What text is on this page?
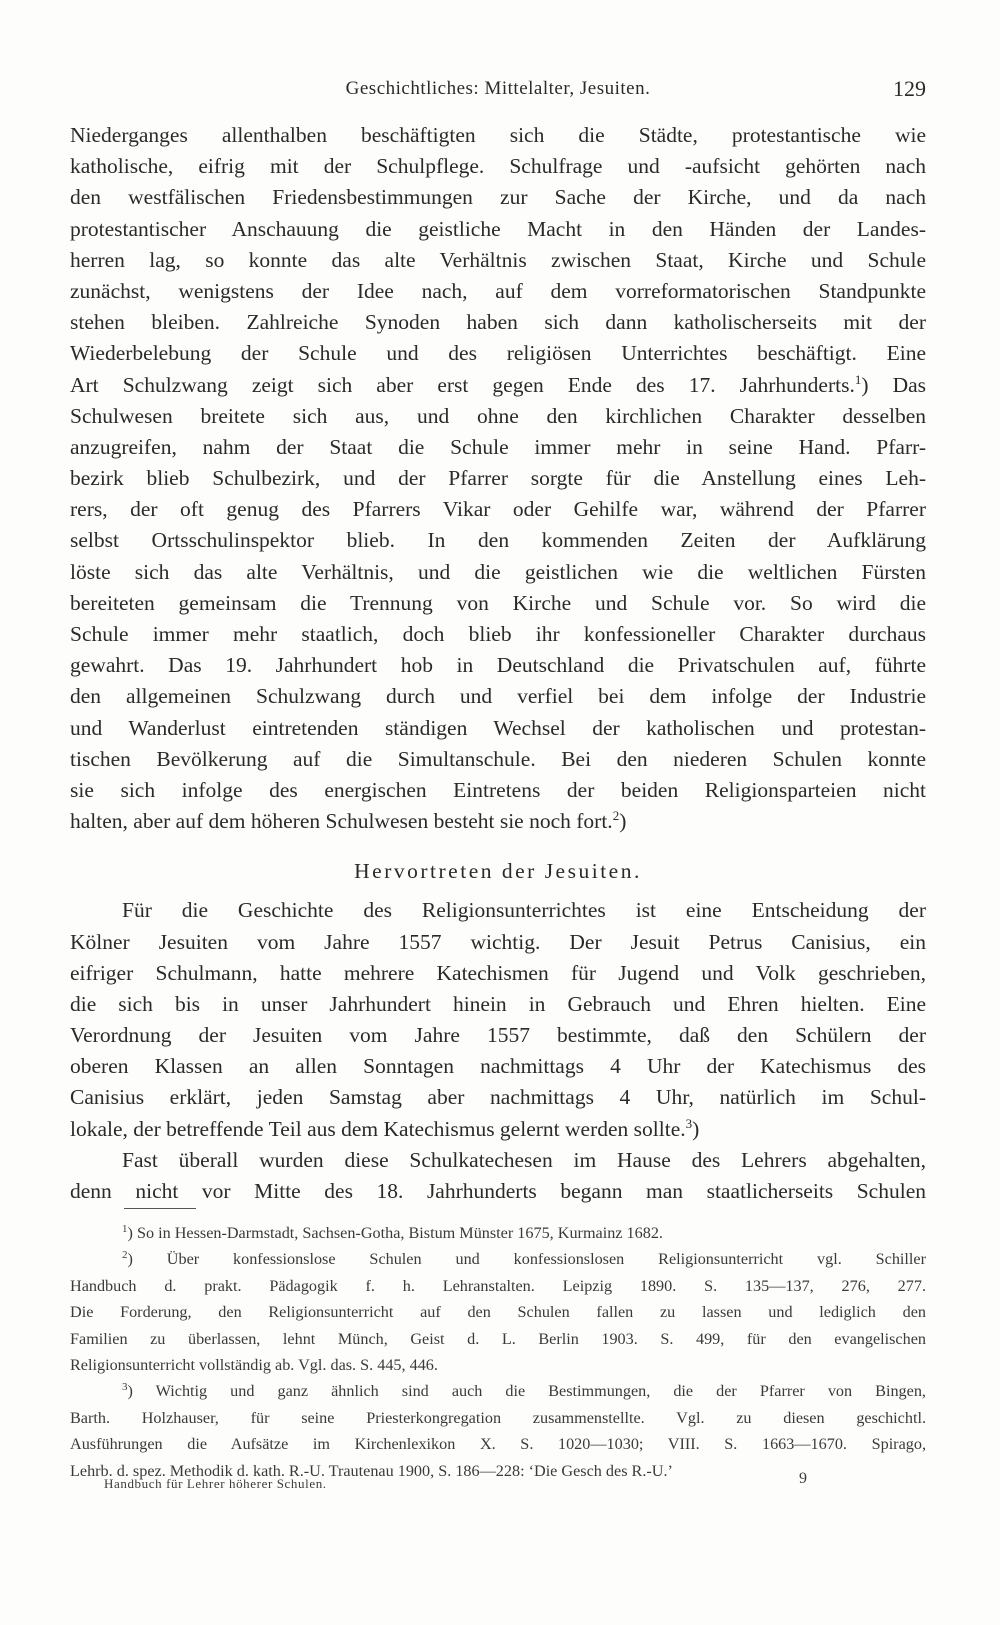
Geschichtliches: Mittelalter, Jesuiten.	129
Niederganges allenthalben beschäftigten sich die Städte, protestantische wie
katholische, eifrig mit der Schulpflege. Schulfrage und -aufsicht gehörten nach
den westfälischen Friedensbestimmungen zur Sache der Kirche, und da nach
protestantischer Anschauung die geistliche Macht in den Händen der Landes-
herren lag, so konnte das alte Verhältnis zwischen Staat, Kirche und Schule
zunächst, wenigstens der Idee nach, auf dem vorreformatorischen Standpunkte
stehen bleiben. Zahlreiche Synoden haben sich dann katholischerseits mit der
Wiederbelebung der Schule und des religiösen Unterrichtes beschäftigt. Eine
Art Schulzwang zeigt sich aber erst gegen Ende des 17. Jahrhunderts.$^1$) Das
Schulwesen breitete sich aus, und ohne den kirchlichen Charakter desselben
anzugreifen, nahm der Staat die Schule immer mehr in seine Hand. Pfarr-
bezirk blieb Schulbezirk, und der Pfarrer sorgte für die Anstellung eines Leh-
rers, der oft genug des Pfarrers Vikar oder Gehilfe war, während der Pfarrer
selbst Ortsschulinspektor blieb. In den kommenden Zeiten der Aufklärung
löste sich das alte Verhältnis, und die geistlichen wie die weltlichen Fürsten
bereiteten gemeinsam die Trennung von Kirche und Schule vor. So wird die
Schule immer mehr staatlich, doch blieb ihr konfessioneller Charakter durchaus
gewahrt. Das 19. Jahrhundert hob in Deutschland die Privatschulen auf, führte
den allgemeinen Schulzwang durch und verfiel bei dem infolge der Industrie
und Wanderlust eintretenden ständigen Wechsel der katholischen und protestan-
tischen Bevölkerung auf die Simultanschule. Bei den niederen Schulen konnte
sie sich infolge des energischen Eintretens der beiden Religionsparteien nicht
halten, aber auf dem höheren Schulwesen besteht sie noch fort.$^2$)
Hervortreten der Jesuiten.
Für die Geschichte des Religionsunterrichtes ist eine Entscheidung der
Kölner Jesuiten vom Jahre 1557 wichtig. Der Jesuit Petrus Canisius, ein
eifriger Schulmann, hatte mehrere Katechismen für Jugend und Volk geschrieben,
die sich bis in unser Jahrhundert hinein in Gebrauch und Ehren hielten. Eine
Verordnung der Jesuiten vom Jahre 1557 bestimmte, daß den Schülern der
oberen Klassen an allen Sonntagen nachmittags 4 Uhr der Katechismus des
Canisius erklärt, jeden Samstag aber nachmittags 4 Uhr, natürlich im Schul-
lokale, der betreffende Teil aus dem Katechismus gelernt werden sollte.$^3$)
Fast überall wurden diese Schulkatechesen im Hause des Lehrers abgehalten,
denn nicht vor Mitte des 18. Jahrhunderts begann man staatlicherseits Schulen
$^1$) So in Hessen-Darmstadt, Sachsen-Gotha, Bistum Münster 1675, Kurmainz 1682.
$^2$) Über konfessionslose Schulen und konfessionslosen Religionsunterricht vgl. Schiller
Handbuch d. prakt. Pädagogik f. h. Lehranstalten. Leipzig 1890. S. 135—137, 276, 277.
Die Forderung, den Religionsunterricht auf den Schulen fallen zu lassen und lediglich den
Familien zu überlassen, lehnt Münch, Geist d. L. Berlin 1903. S. 499, für den evangelischen
Religionsunterricht vollständig ab. Vgl. das. S. 445, 446.
$^3$) Wichtig und ganz ähnlich sind auch die Bestimmungen, die der Pfarrer von Bingen,
Barth. Holzhauser, für seine Priesterkongregation zusammenstellte. Vgl. zu diesen geschichtl.
Ausführungen die Aufsätze im Kirchenlexikon X. S. 1020—1030; VIII. S. 1663—1670. Spirago,
Lehrb. d. spez. Methodik d. kath. R.-U. Trautenau 1900, S. 186—228: ‘Die Gesch des R.-U.’
Handbuch für Lehrer höherer Schulen.	9
